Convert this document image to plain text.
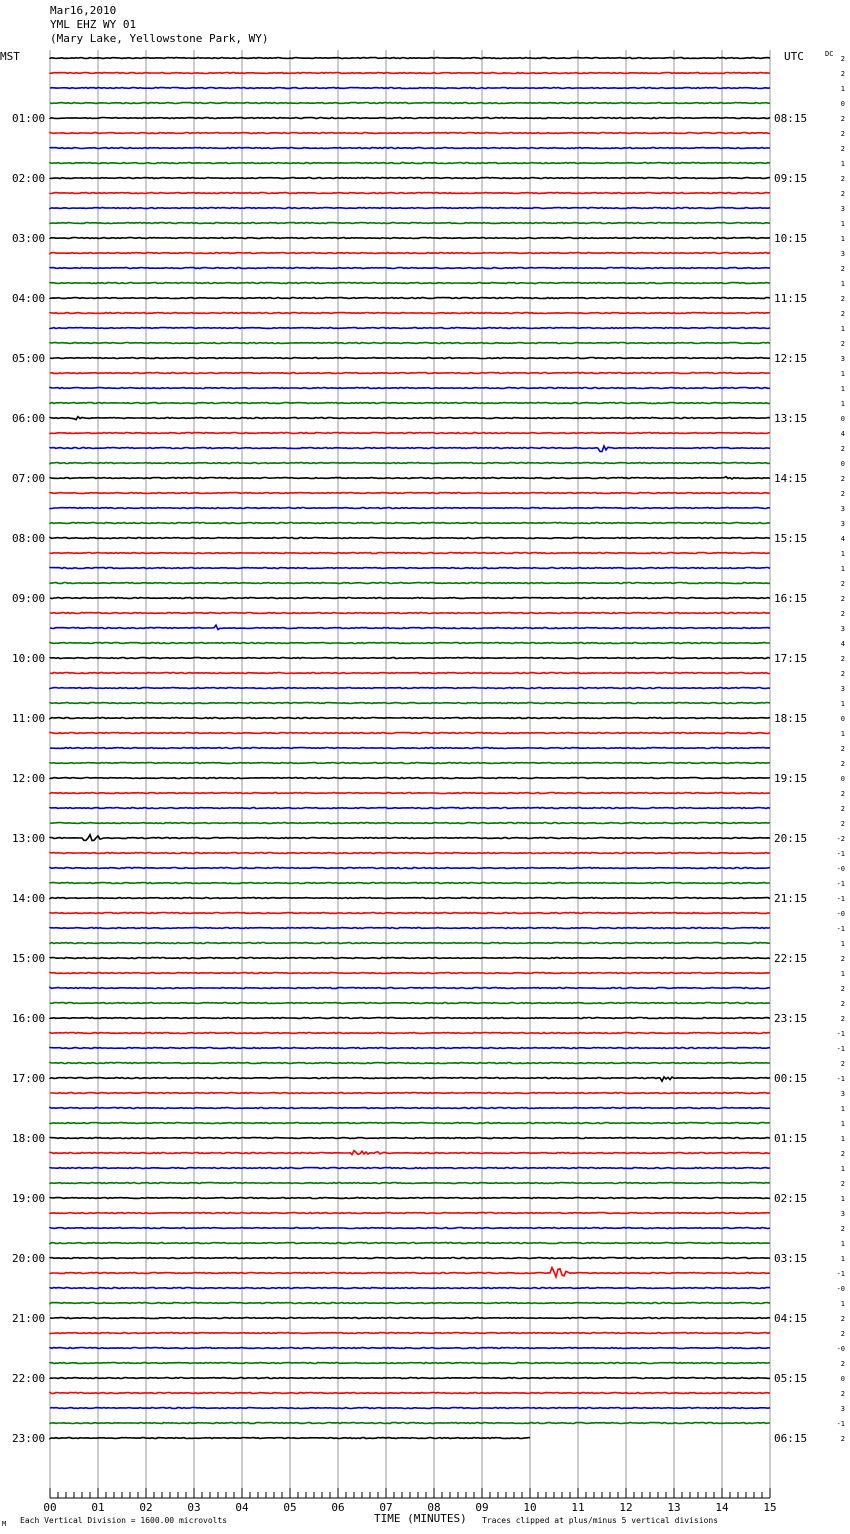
Mar16,2010
YML EHZ WY 01
(Mary Lake, Yellowstone Park, WY)
01:00
02:00
03:00
04:00
05:00
06:00
07:00
08:00
09:00
10:00
11:00
12:00
13:00
14:00
15:00
16:00
17:00
18:00
19:00
20:00
21:00
22:00
23:00
08:15
09:15
10:15
11:15
12:15
13:15
14:15
15:15
16:15
17:15
18:15
19:15
20:15
21:15
22:15
23:15
00:15
01:15
02:15
03:15
04:15
05:15
06:15
2
2
1
0
2
2
2
1
2
2
3
1
1
3
2
1
2
2
1
2
3
1
1
1
0
4
2
0
2
2
3
3
4
1
1
2
2
2
3
4
2
2
3
1
0
1
2
2
0
2
2
2
-2
-1
-0
-1
-1
-0
-1
1
2
1
2
2
2
-1
-1
2
-1
3
1
1
1
2
1
2
1
3
2
1
1
-1
-0
1
2
2
-0
2
0
2
3
-1
2
00	01	02	03	04	05	06	07	08	09	10	11	12	13	14	15
MST	UTC	DC
Each Vertical Division = 1600.00 microvolts	TIME (MINUTES) Traces clipped at plus/minus 5 vertical divisions
M
